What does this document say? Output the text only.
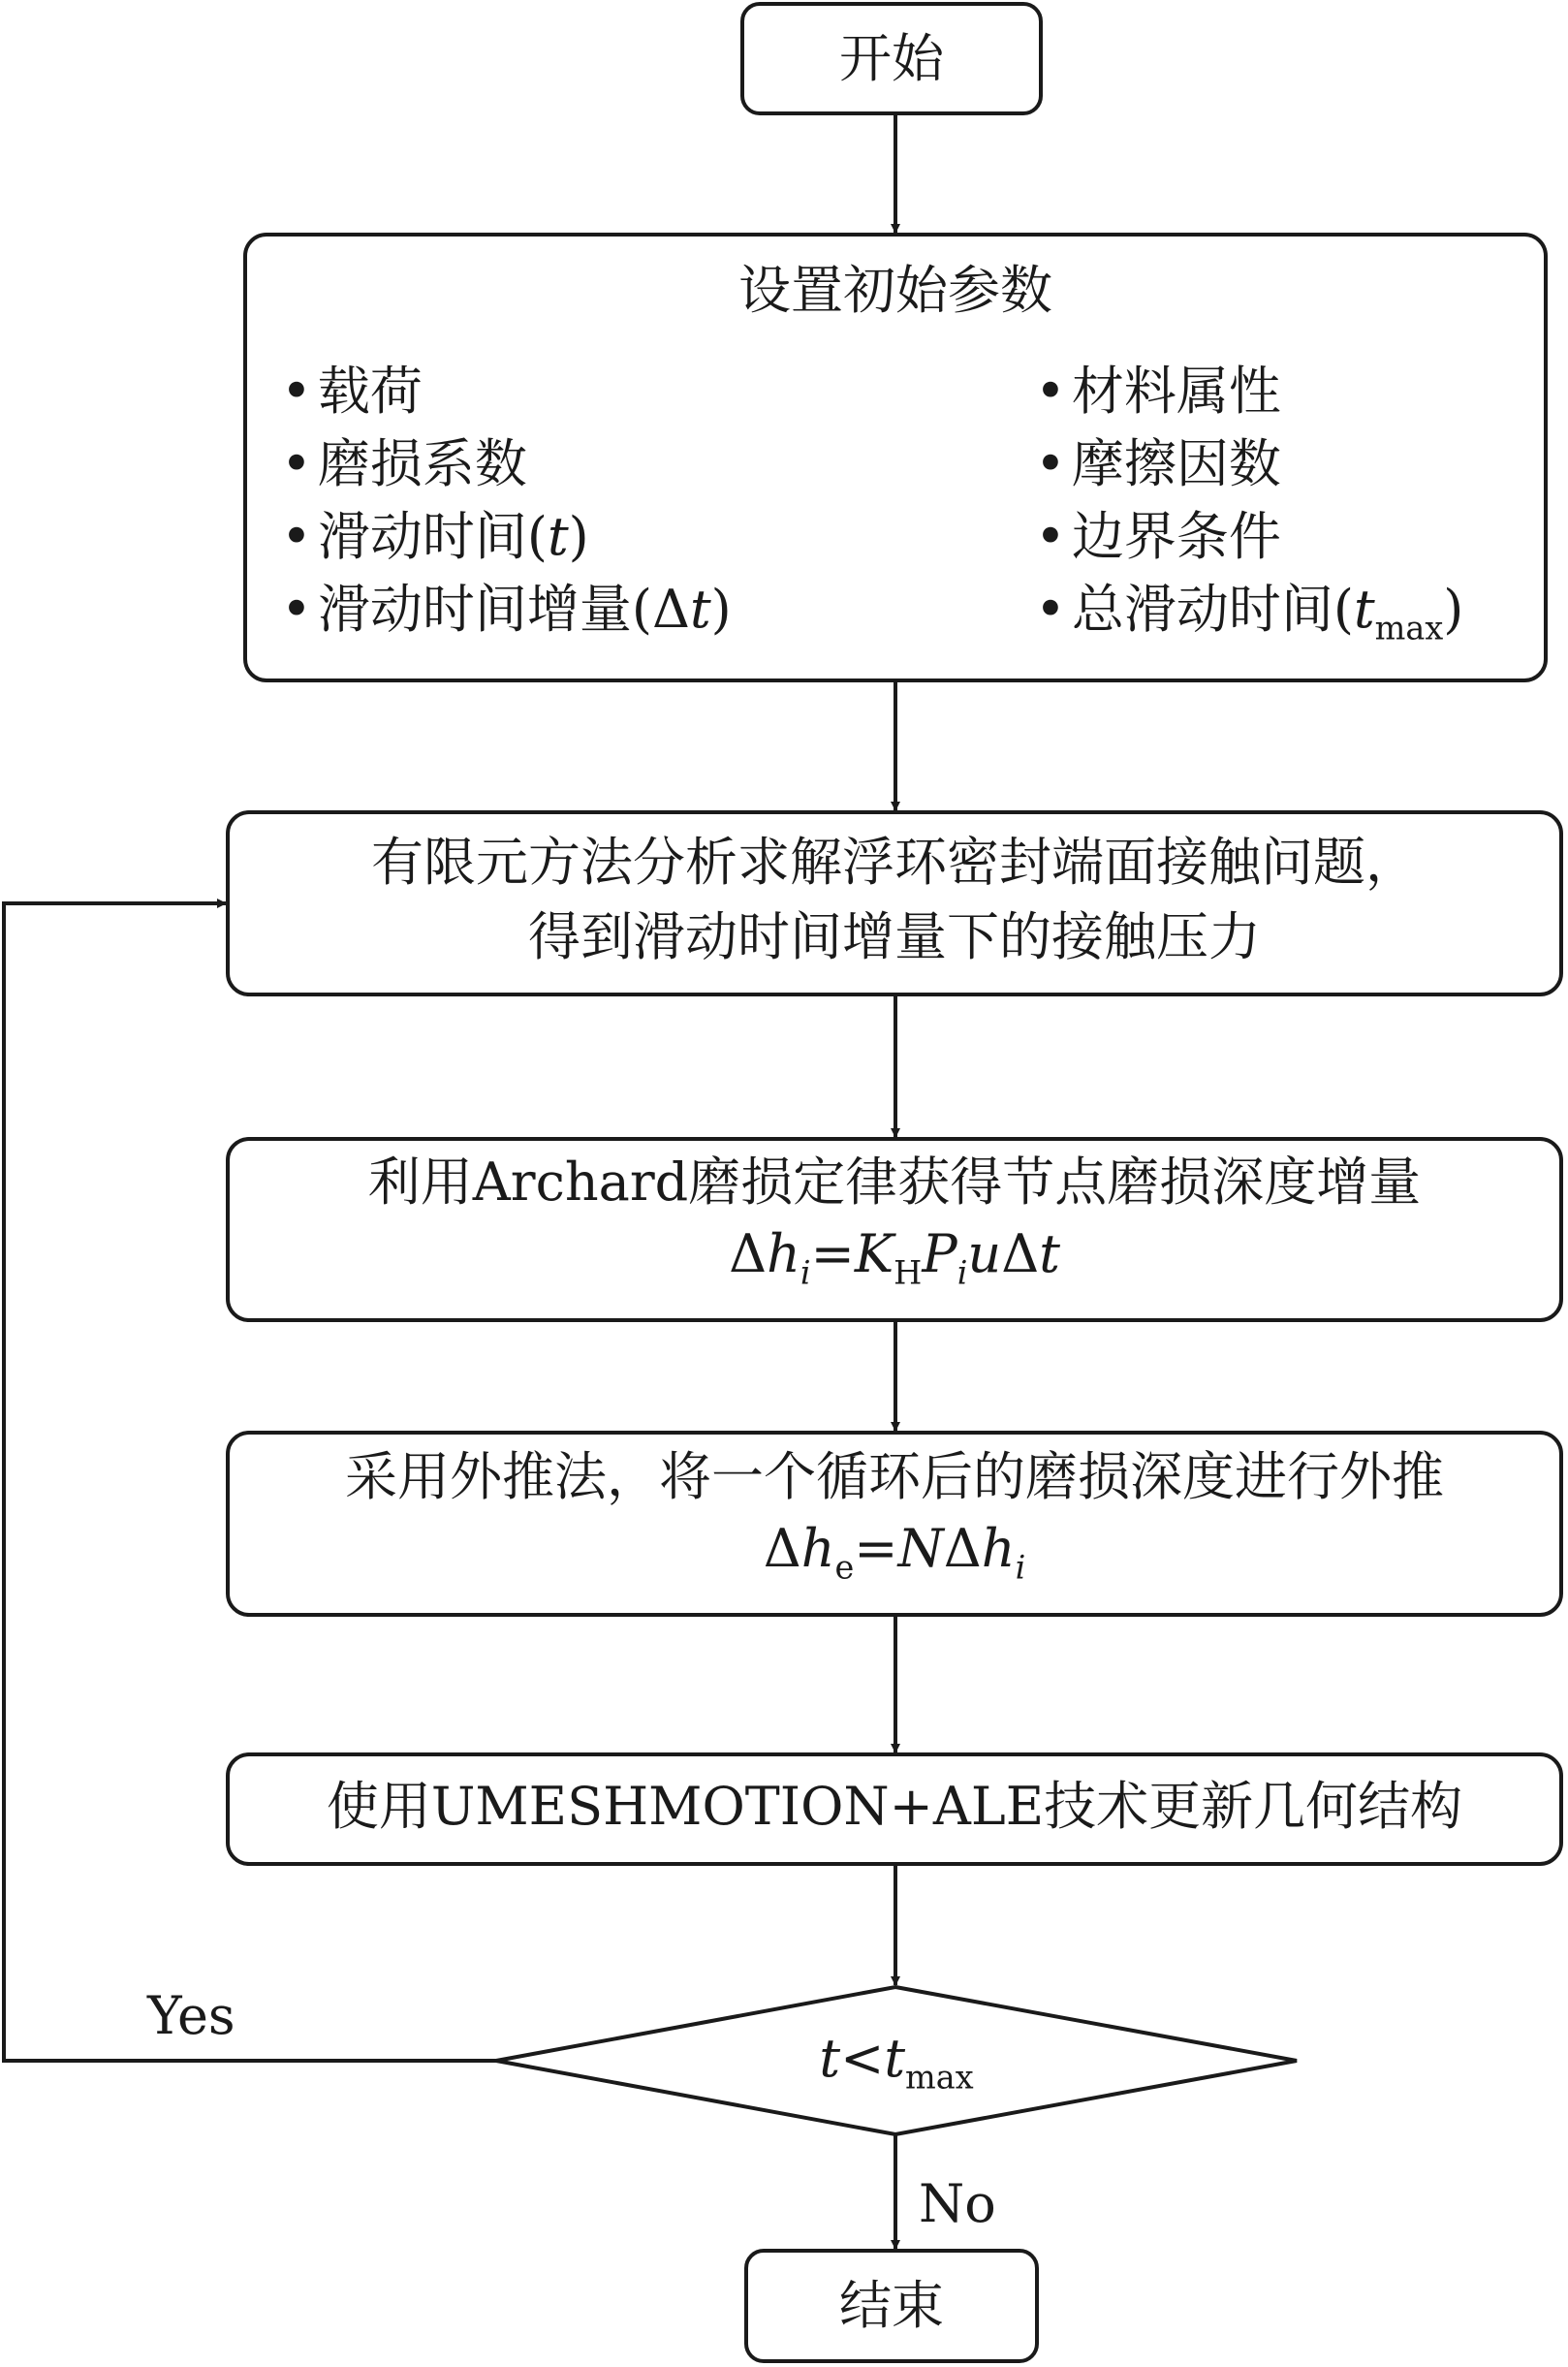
开始
设置初始参数
• 载荷
• 磨损系数
• 滑动时间(t)
• 滑动时间增量(Δt)
• 材料属性
• 摩擦因数
• 边界条件
• 总滑动时间$(t_{max})$
有限元方法分析求解浮环密封端面接触问题，
得到滑动时间增量下的接触压力
利用Archard磨损定律获得节点磨损深度增量
$\Delta h_i=K_HP_iu\Delta t$
采用外推法，将一个循环后的磨损深度进行外推
$\Delta h_e=N\Delta h_i$
使用UMESHMOTION+ALE技术更新几何结构
$t<t_{max}$
Yes
No
结束
